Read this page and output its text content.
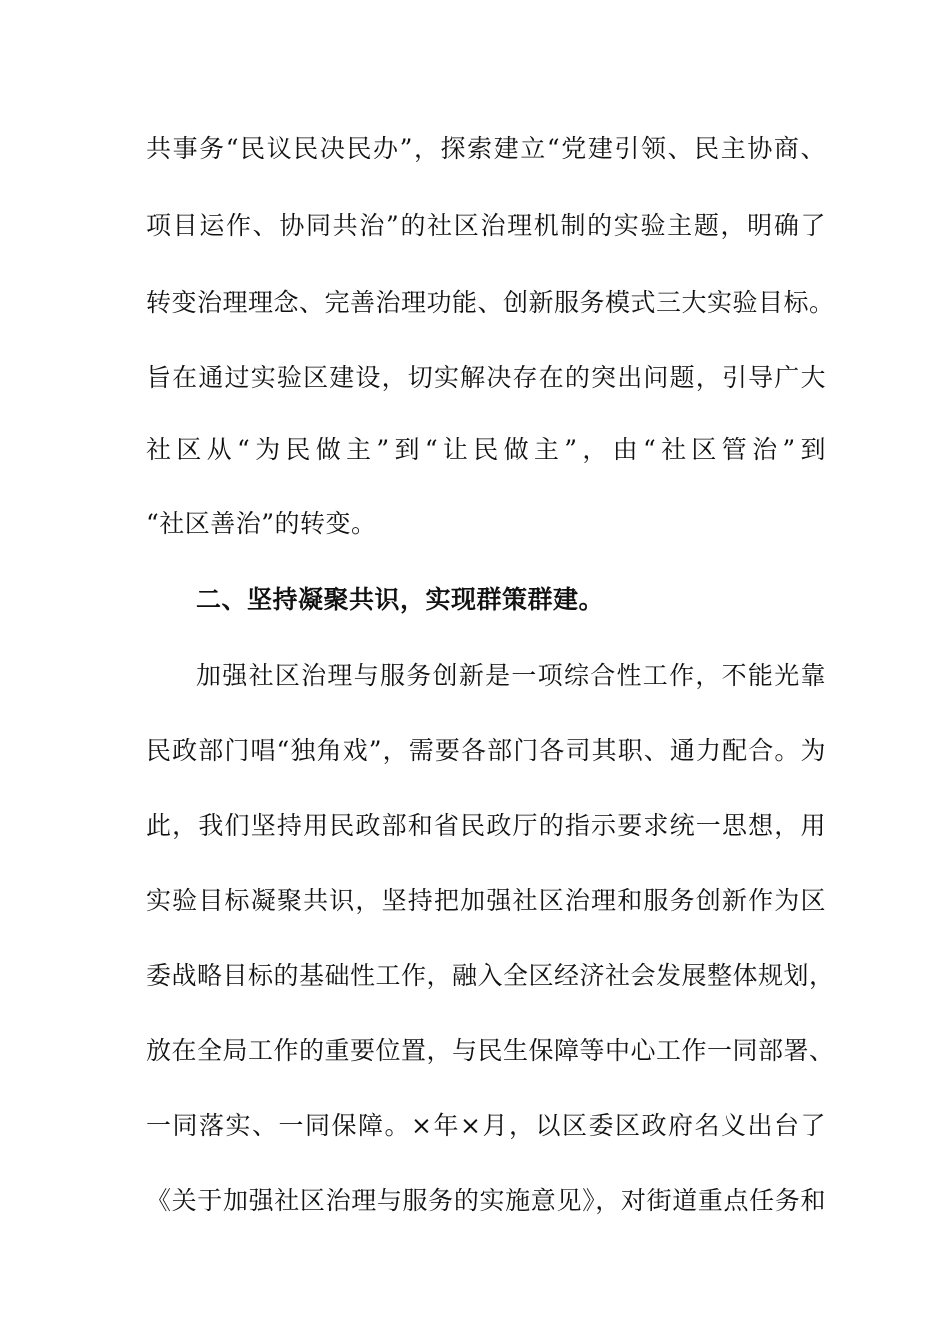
共事务“民议民决民办”，探索建立“党建引领、民主协商、
项目运作、协同共治”的社区治理机制的实验主题，明确了
转变治理理念、完善治理功能、创新服务模式三大实验目标。
旨在通过实验区建设，切实解决存在的突出问题，引导广大
社区从“为民做主”到“让民做主”，由“社区管治”到
“社区善治”的转变。
二、坚持凝聚共识，实现群策群建。
加强社区治理与服务创新是一项综合性工作，不能光靠
民政部门唱“独角戏”，需要各部门各司其职、通力配合。为
此，我们坚持用民政部和省民政厅的指示要求统一思想，用
实验目标凝聚共识，坚持把加强社区治理和服务创新作为区
委战略目标的基础性工作，融入全区经济社会发展整体规划，
放在全局工作的重要位置，与民生保障等中心工作一同部署、
一同落实、一同保障。×年×月，以区委区政府名义出台了
《关于加强社区治理与服务的实施意见》，对街道重点任务和
